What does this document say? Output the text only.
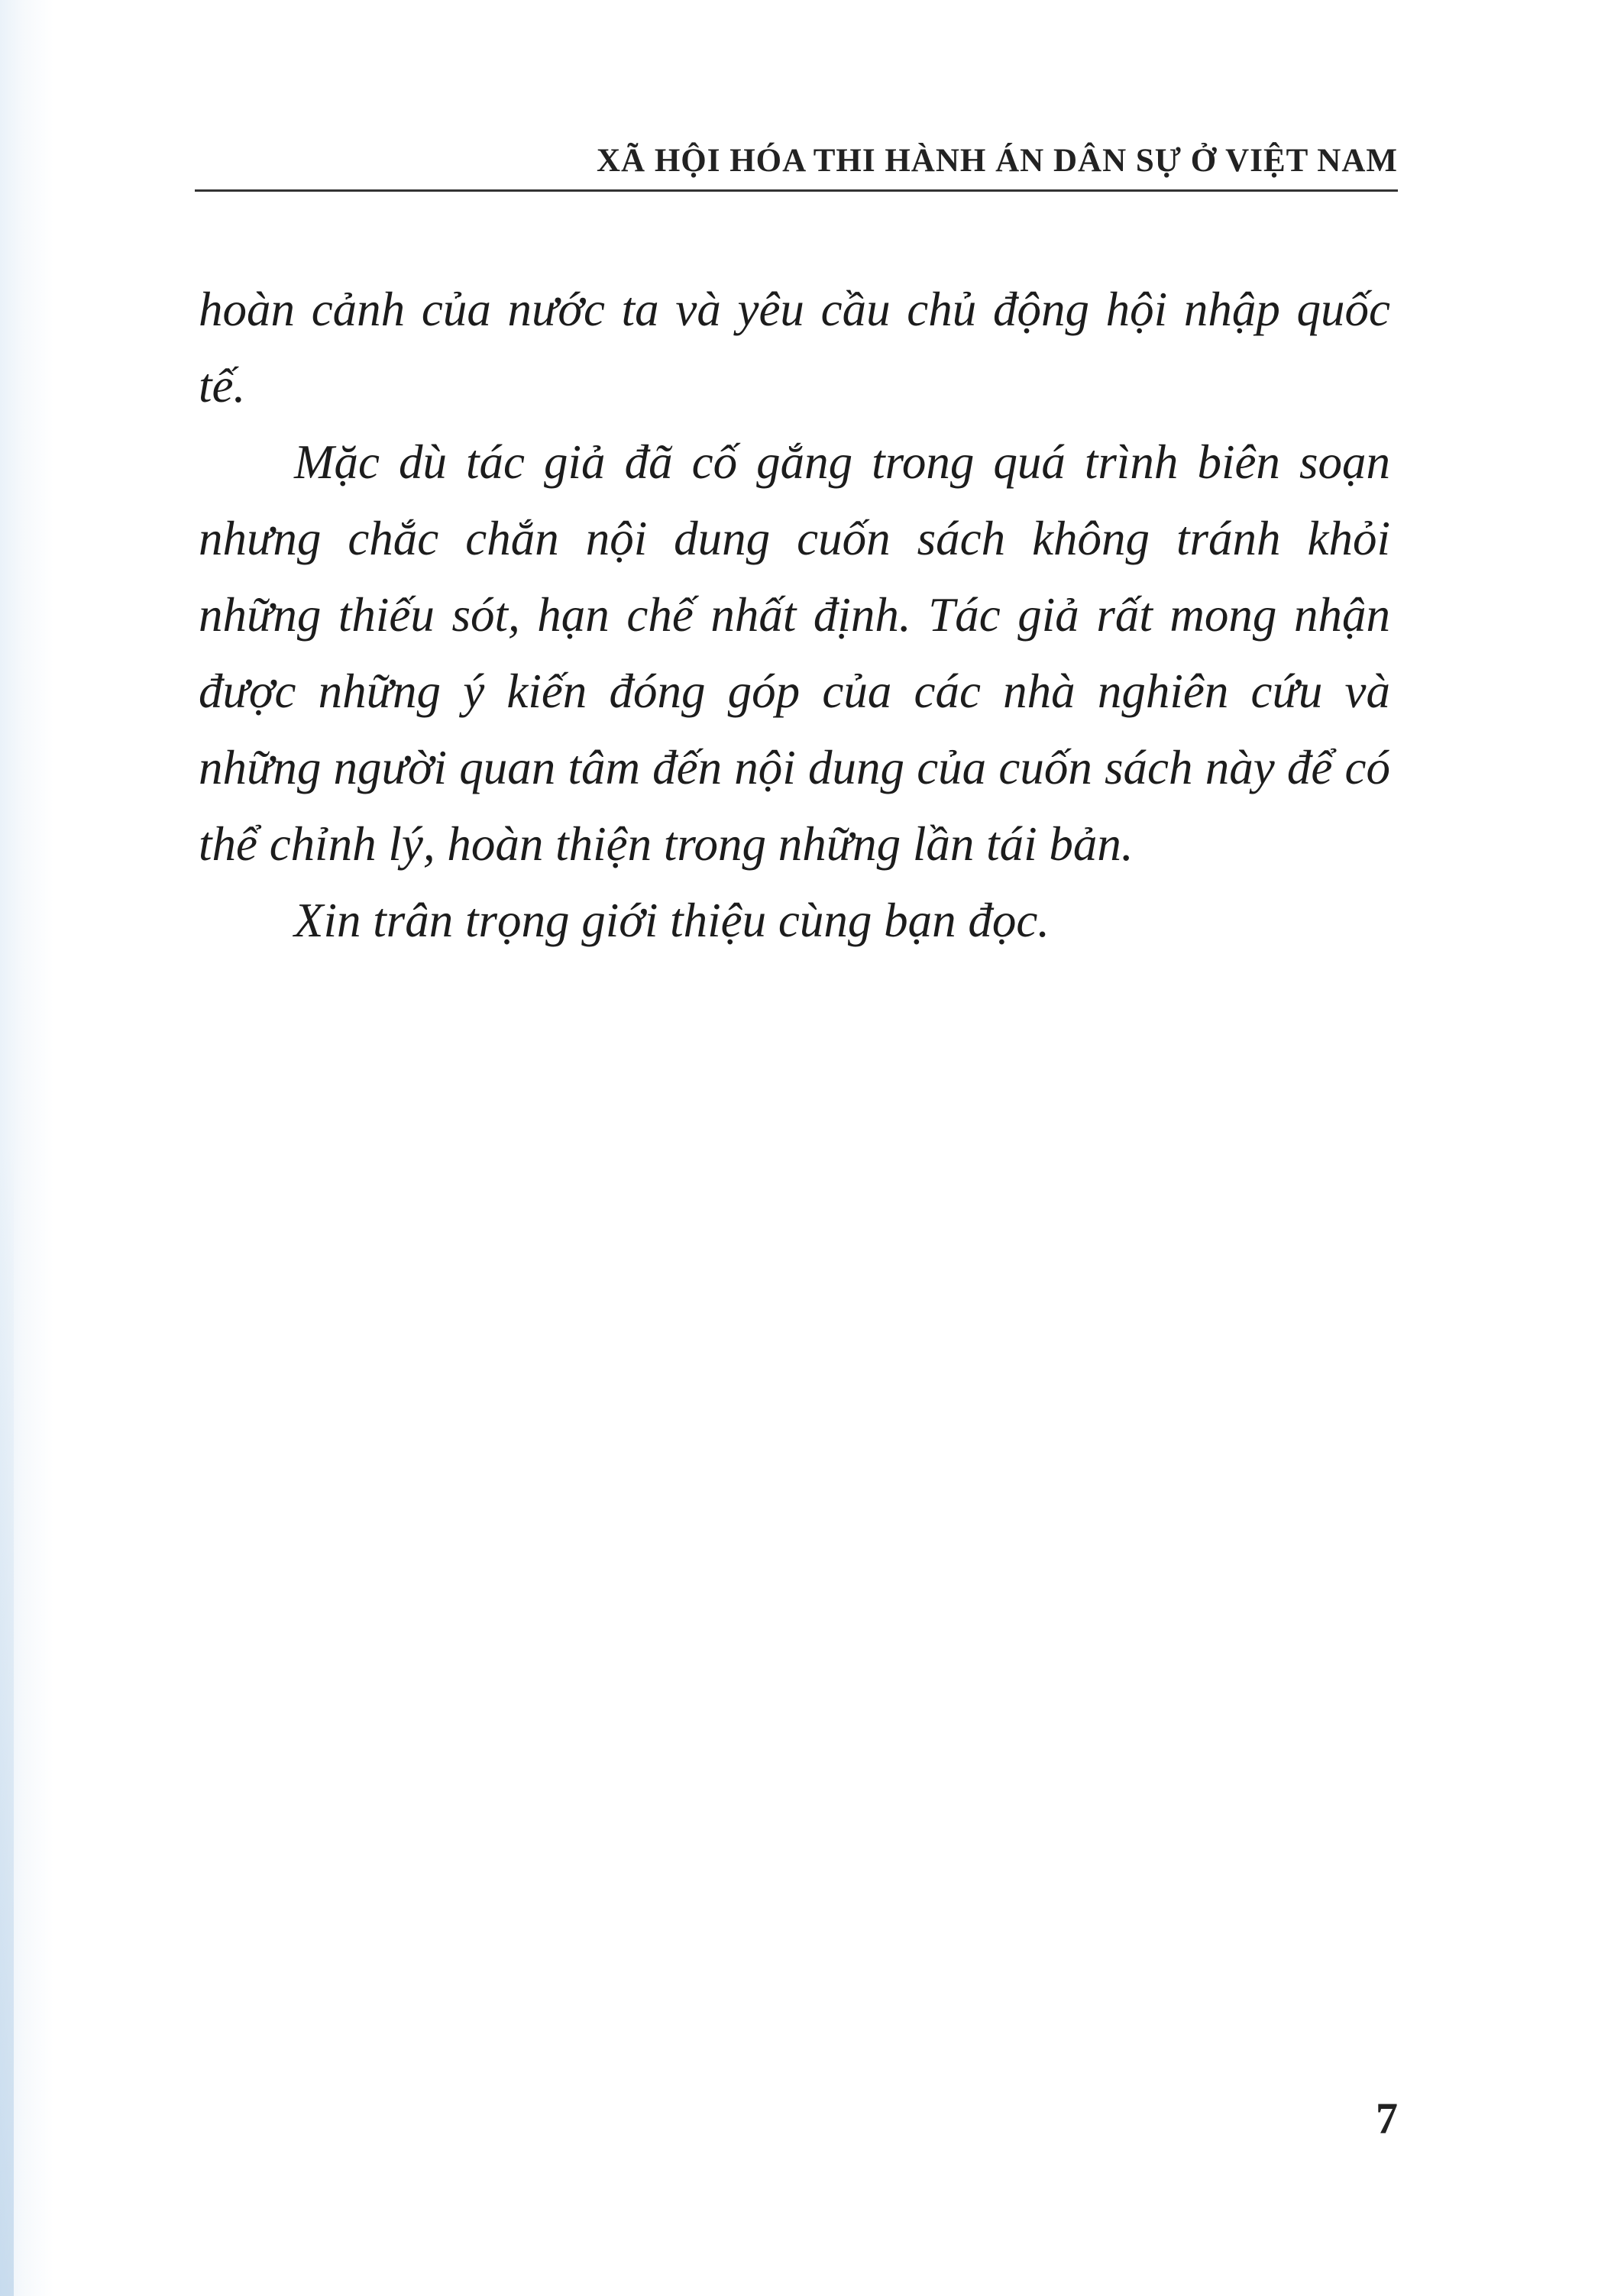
XÃ HỘI HÓA THI HÀNH ÁN DÂN SỰ Ở VIỆT NAM

hoàn cảnh của nước ta và yêu cầu chủ động hội nhập quốc tế.

Mặc dù tác giả đã cố gắng trong quá trình biên soạn nhưng chắc chắn nội dung cuốn sách không tránh khỏi những thiếu sót, hạn chế nhất định. Tác giả rất mong nhận được những ý kiến đóng góp của các nhà nghiên cứu và những người quan tâm đến nội dung của cuốn sách này để có thể chỉnh lý, hoàn thiện trong những lần tái bản.

Xin trân trọng giới thiệu cùng bạn đọc.

7
